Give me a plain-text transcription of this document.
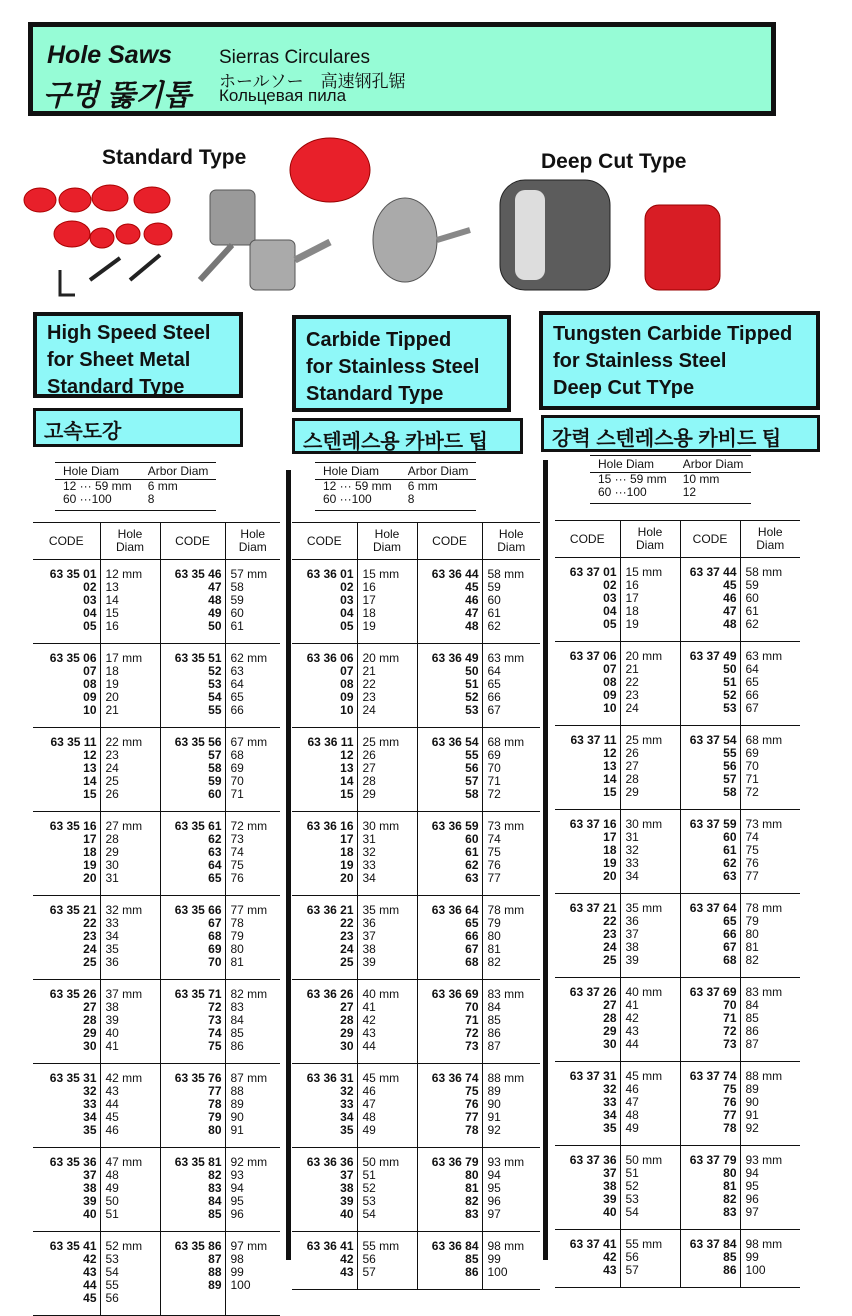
Hole Saws
구멍 뚫기톱
Sierras Circulares
ホールソー　高速钢孔锯
Кольцевая пила
Standard Type	Deep Cut Type
High Speed Steel
for Sheet Metal
Standard Type
Carbide Tipped
for Stainless Steel
Standard Type
Tungsten Carbide Tipped
for Stainless Steel
Deep Cut TYpe
고속도강	스텐레스용 카바드 팁	강력 스텐레스용 카비드 팁
Hole Diam	Arbor Diam
12 ··· 59 mm	6 mm
60 ···100	8
Hole Diam	Arbor Diam
12 ··· 59 mm	6 mm
60 ···100	8
Hole Diam	Arbor Diam
15 ··· 59 mm	10 mm
60 ···100	12
CODE	Hole Diam	CODE	Hole Diam
63 35 01	12 mm	63 35 46	57 mm
02	13	47	58
03	14	48	59
04	15	49	60
05	16	50	61
63 35 06	17 mm	63 35 51	62 mm
07	18	52	63
08	19	53	64
09	20	54	65
10	21	55	66
63 35 11	22 mm	63 35 56	67 mm
12	23	57	68
13	24	58	69
14	25	59	70
15	26	60	71
63 35 16	27 mm	63 35 61	72 mm
17	28	62	73
18	29	63	74
19	30	64	75
20	31	65	76
63 35 21	32 mm	63 35 66	77 mm
22	33	67	78
23	34	68	79
24	35	69	80
25	36	70	81
63 35 26	37 mm	63 35 71	82 mm
27	38	72	83
28	39	73	84
29	40	74	85
30	41	75	86
63 35 31	42 mm	63 35 76	87 mm
32	43	77	88
33	44	78	89
34	45	79	90
35	46	80	91
63 35 36	47 mm	63 35 81	92 mm
37	48	82	93
38	49	83	94
39	50	84	95
40	51	85	96
63 35 41	52 mm	63 35 86	97 mm
42	53	87	98
43	54	88	99
44	55	89	100
45	56		
CODE	Hole Diam	CODE	Hole Diam
63 36 01	15 mm	63 36 44	58 mm
02	16	45	59
03	17	46	60
04	18	47	61
05	19	48	62
63 36 06	20 mm	63 36 49	63 mm
07	21	50	64
08	22	51	65
09	23	52	66
10	24	53	67
63 36 11	25 mm	63 36 54	68 mm
12	26	55	69
13	27	56	70
14	28	57	71
15	29	58	72
63 36 16	30 mm	63 36 59	73 mm
17	31	60	74
18	32	61	75
19	33	62	76
20	34	63	77
63 36 21	35 mm	63 36 64	78 mm
22	36	65	79
23	37	66	80
24	38	67	81
25	39	68	82
63 36 26	40 mm	63 36 69	83 mm
27	41	70	84
28	42	71	85
29	43	72	86
30	44	73	87
63 36 31	45 mm	63 36 74	88 mm
32	46	75	89
33	47	76	90
34	48	77	91
35	49	78	92
63 36 36	50 mm	63 36 79	93 mm
37	51	80	94
38	52	81	95
39	53	82	96
40	54	83	97
63 36 41	55 mm	63 36 84	98 mm
42	56	85	99
43	57	86	100
CODE	Hole Diam	CODE	Hole Diam
63 37 01	15 mm	63 37 44	58 mm
02	16	45	59
03	17	46	60
04	18	47	61
05	19	48	62
63 37 06	20 mm	63 37 49	63 mm
07	21	50	64
08	22	51	65
09	23	52	66
10	24	53	67
63 37 11	25 mm	63 37 54	68 mm
12	26	55	69
13	27	56	70
14	28	57	71
15	29	58	72
63 37 16	30 mm	63 37 59	73 mm
17	31	60	74
18	32	61	75
19	33	62	76
20	34	63	77
63 37 21	35 mm	63 37 64	78 mm
22	36	65	79
23	37	66	80
24	38	67	81
25	39	68	82
63 37 26	40 mm	63 37 69	83 mm
27	41	70	84
28	42	71	85
29	43	72	86
30	44	73	87
63 37 31	45 mm	63 37 74	88 mm
32	46	75	89
33	47	76	90
34	48	77	91
35	49	78	92
63 37 36	50 mm	63 37 79	93 mm
37	51	80	94
38	52	81	95
39	53	82	96
40	54	83	97
63 37 41	55 mm	63 37 84	98 mm
42	56	85	99
43	57	86	100
